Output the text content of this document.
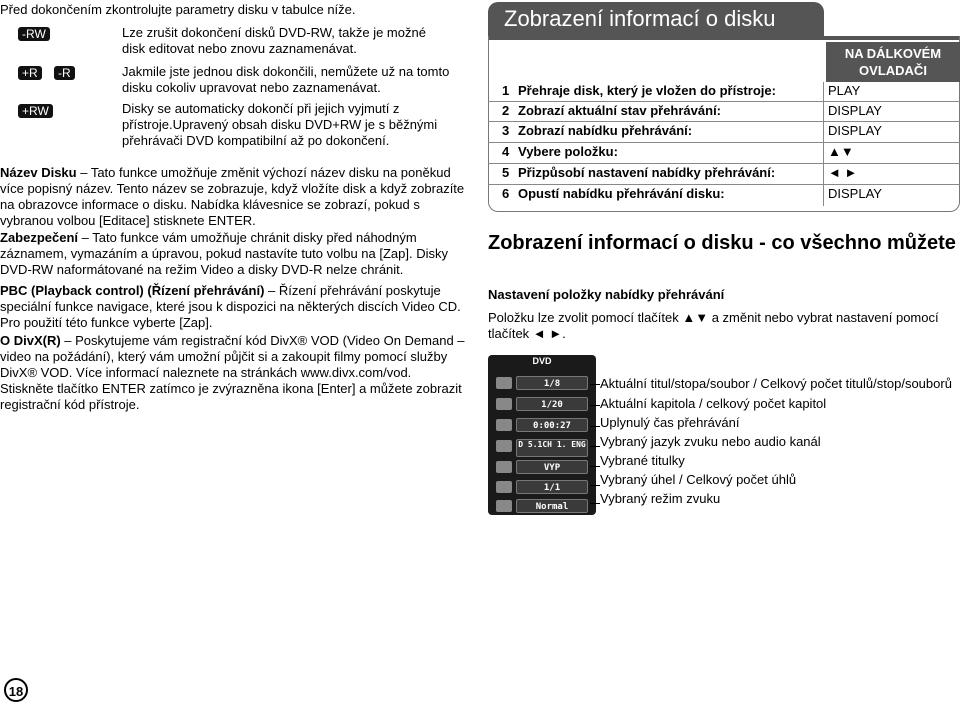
Před dokončením zkontrolujte parametry disku v tabulce níže.
-RW	Lze zrušit dokončení disků DVD-RW, takže je možné disk editovat nebo znovu zaznamenávat.
+R	-R	Jakmile jste jednou disk dokončili, nemůžete už na tomto disku cokoliv upravovat nebo zaznamenávat.
+RW	Disky se automaticky dokončí při jejich vyjmutí z přístroje.Upravený obsah disku DVD+RW je s běžnými přehrávači DVD kompatibilní až po dokončení.
Název Disku – Tato funkce umožňuje změnit výchozí název disku na poněkud více popisný název. Tento název se zobrazuje, když vložíte disk a když zobrazíte na obrazovce informace o disku. Nabídka klávesnice se zobrazí, pokud s vybranou volbou [Editace] stisknete ENTER.
Zabezpečení – Tato funkce vám umožňuje chránit disky před náhodným záznamem, vymazáním a úpravou, pokud nastavíte tuto volbu na [Zap]. Disky DVD-RW naformátované na režim Video a disky DVD-R nelze chránit.
PBC (Playback control) (Řízení přehrávání) – Řízení přehrávání poskytuje speciální funkce navigace, které jsou k dispozici na některých discích Video CD. Pro použití této funkce vyberte [Zap].
O DivX(R) – Poskytujeme vám registrační kód DivX® VOD (Video On Demand – video na požádání), který vám umožní půjčit si a zakoupit filmy pomocí služby DivX® VOD. Více informací naleznete na stránkách www.divx.com/vod. Stiskněte tlačítko ENTER zatímco je zvýrazněna ikona [Enter] a můžete zobrazit registrační kód přístroje.
18
Zobrazení informací o disku
NA DÁLKOVÉM OVLADAČI
1 Přehraje disk, který je vložen do přístroje:	PLAY
2 Zobrazí aktuální stav přehrávání:	DISPLAY
3 Zobrazí nabídku přehrávání:	DISPLAY
4 Vybere položku:	▲▼
5 Přizpůsobí nastavení nabídky přehrávání:	◄ ►
6 Opustí nabídku přehrávání disku:	DISPLAY
Zobrazení informací o disku - co všechno můžete
Nastavení položky nabídky přehrávání
Položku lze zvolit pomocí tlačítek ▲▼ a změnit nebo vybrat nastavení pomocí tlačítek ◄ ►.
DVD
1/8
1/20
0:00:27
D 5.1CH 1. ENG
VYP
1/1
Normal
Aktuální titul/stopa/soubor / Celkový počet titulů/stop/souborů
Aktuální kapitola / celkový počet kapitol
Uplynulý čas přehrávání
Vybraný jazyk zvuku nebo audio kanál
Vybrané titulky
Vybraný úhel / Celkový počet úhlů
Vybraný režim zvuku
